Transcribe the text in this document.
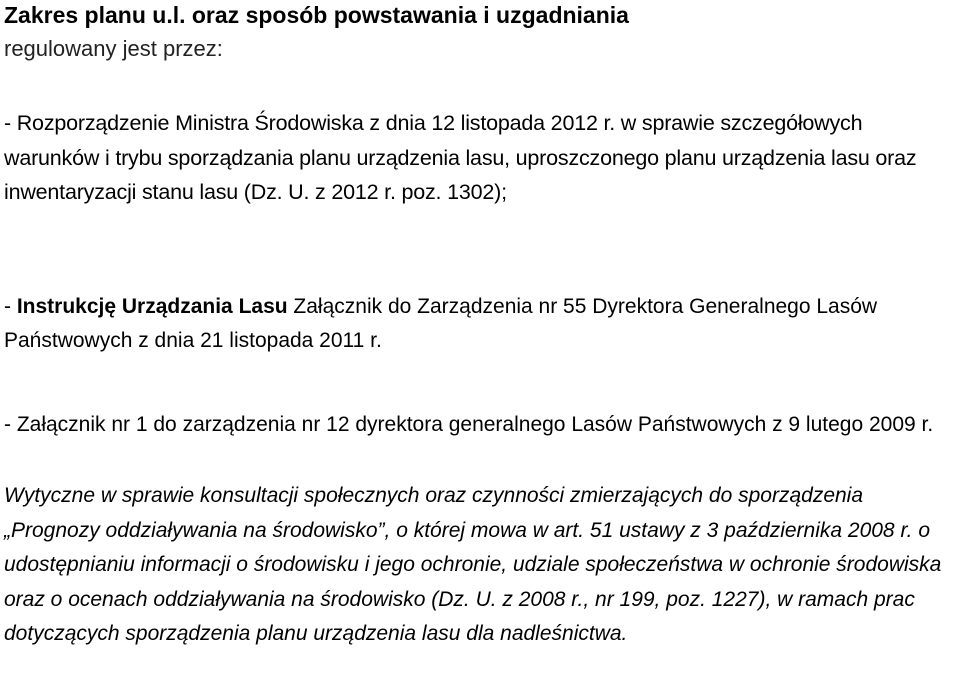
Zakres planu u.l. oraz sposób powstawania i uzgadniania
regulowany jest przez:
- Rozporządzenie Ministra Środowiska z dnia 12 listopada 2012 r. w sprawie szczegółowych warunków i trybu sporządzania planu urządzenia lasu, uproszczonego planu urządzenia lasu oraz inwentaryzacji stanu lasu (Dz. U. z 2012 r. poz. 1302);
- Instrukcję Urządzania Lasu Załącznik do Zarządzenia nr 55 Dyrektora Generalnego Lasów Państwowych z dnia 21 listopada 2011 r.
- Załącznik nr 1 do zarządzenia nr 12 dyrektora generalnego Lasów Państwowych z 9 lutego 2009 r.
Wytyczne w sprawie konsultacji społecznych oraz czynności zmierzających do sporządzenia „Prognozy oddziaływania na środowisko”, o której mowa w art. 51 ustawy z 3 października 2008 r. o udostępnianiu informacji o środowisku i jego ochronie, udziale społeczeństwa w ochronie środowiska oraz o ocenach oddziaływania na środowisko (Dz. U. z 2008 r., nr 199, poz. 1227), w ramach prac dotyczących sporządzenia planu urządzenia lasu dla nadleśnictwa.
